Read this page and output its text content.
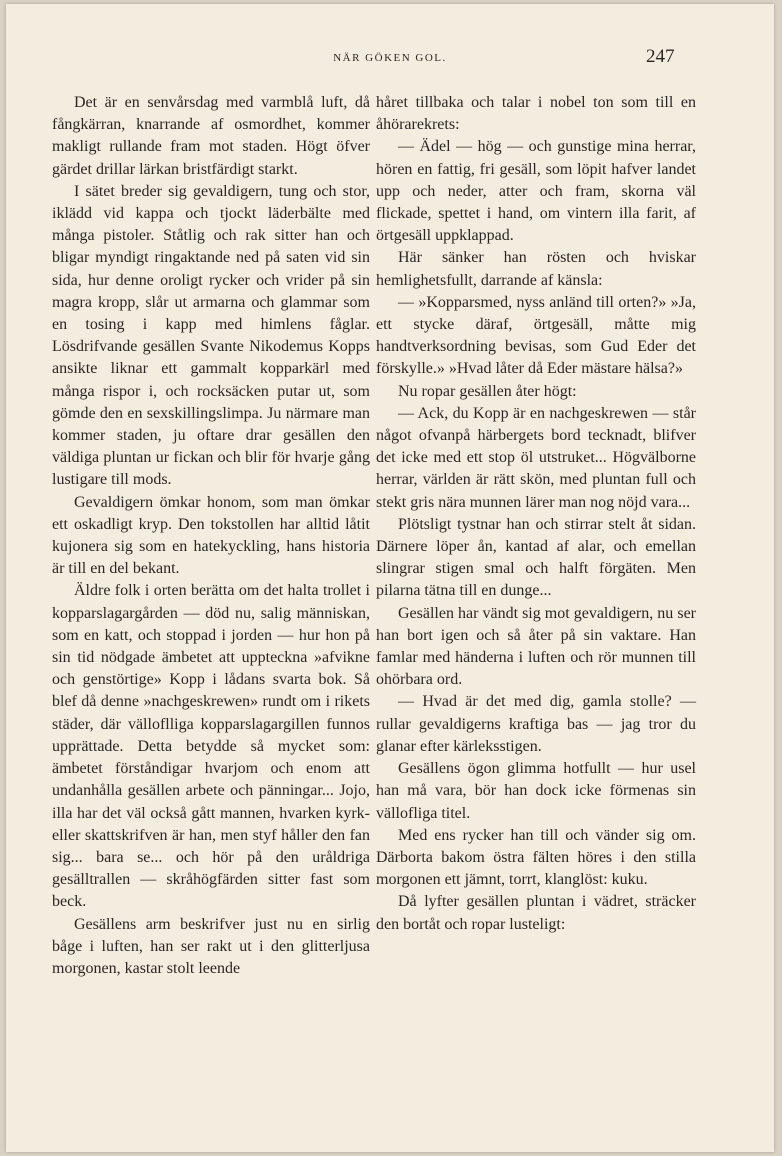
NÄR GÖKEN GOL.	247

Det är en senvårsdag med varmblå luft, då fångkärran, knarrande af osmordhet, kommer makligt rullande fram mot staden. Högt öfver gärdet drillar lärkan bristfärdigt starkt.

I sätet breder sig gevaldigern, tung och stor, iklädd vid kappa och tjockt läderbälte med många pistoler. Ståtlig och rak sitter han och bligar myndigt ringaktande ned på saten vid sin sida, hur denne oroligt rycker och vrider på sin magra kropp, slår ut armarna och glammar som en tosing i kapp med himlens fåglar. Lösdrifvande gesällen Svante Nikodemus Kopps ansikte liknar ett gammalt kopparkärl med många rispor i, och rocksäcken putar ut, som gömde den en sexskillingslimpa. Ju närmare man kommer staden, ju oftare drar gesällen den väldiga pluntan ur fickan och blir för hvarje gång lustigare till mods.

Gevaldigern ömkar honom, som man ömkar ett oskadligt kryp. Den tokstollen har alltid låtit kujonera sig som en hatekyckling, hans historia är till en del bekant.

Äldre folk i orten berätta om det halta trollet i kopparslagargården — död nu, salig människan, som en katt, och stoppad i jorden — hur hon på sin tid nödgade ämbetet att uppteckna »afvikne och genstörtige» Kopp i lådans svarta bok. Så blef då denne »nachgeskrewen» rundt om i rikets städer, där välloflliga kopparslagargillen funnos upprättade. Detta betydde så mycket som: ämbetet förståndigar hvarjom och enom att undanhålla gesällen arbete och pänningar... Jojo, illa har det väl också gått mannen, hvarken kyrk- eller skattskrifven är han, men styf håller den fan sig... bara se... och hör på den uråldriga gesälltrallen — skråhögfärden sitter fast som beck.

Gesällens arm beskrifver just nu en sirlig båge i luften, han ser rakt ut i den glitterljusa morgonen, kastar stolt leende

håret tillbaka och talar i nobel ton som till en åhörarekrets:

— Ädel — hög — och gunstige mina herrar, hören en fattig, fri gesäll, som löpit hafver landet upp och neder, atter och fram, skorna väl flickade, spettet i hand, om vintern illa farit, af örtgesäll uppklappad.

Här sänker han rösten och hviskar hemlighetsfullt, darrande af känsla:

— »Kopparsmed, nyss anländ till orten?» »Ja, ett stycke däraf, örtgesäll, måtte mig handtverksordning bevisas, som Gud Eder det förskylle.» »Hvad låter då Eder mästare hälsa?»

Nu ropar gesällen åter högt:

— Ack, du Kopp är en nachgeskrewen — står något ofvanpå härbergets bord tecknadt, blifver det icke med ett stop öl utstruket... Högvälborne herrar, världen är rätt skön, med pluntan full och stekt gris nära munnen lärer man nog nöjd vara...

Plötsligt tystnar han och stirrar stelt åt sidan. Därnere löper ån, kantad af alar, och emellan slingrar stigen smal och halft förgäten. Men pilarna tätna till en dunge...

Gesällen har vändt sig mot gevaldigern, nu ser han bort igen och så åter på sin vaktare. Han famlar med händerna i luften och rör munnen till ohörbara ord.

— Hvad är det med dig, gamla stolle? — rullar gevaldigerns kraftiga bas — jag tror du glanar efter kärleksstigen.

Gesällens ögon glimma hotfullt — hur usel han må vara, bör han dock icke förmenas sin vällofliga titel.

Med ens rycker han till och vänder sig om. Därborta bakom östra fälten höres i den stilla morgonen ett jämnt, torrt, klanglöst: kuku.

Då lyfter gesällen pluntan i vädret, sträcker den bortåt och ropar lusteligt:
